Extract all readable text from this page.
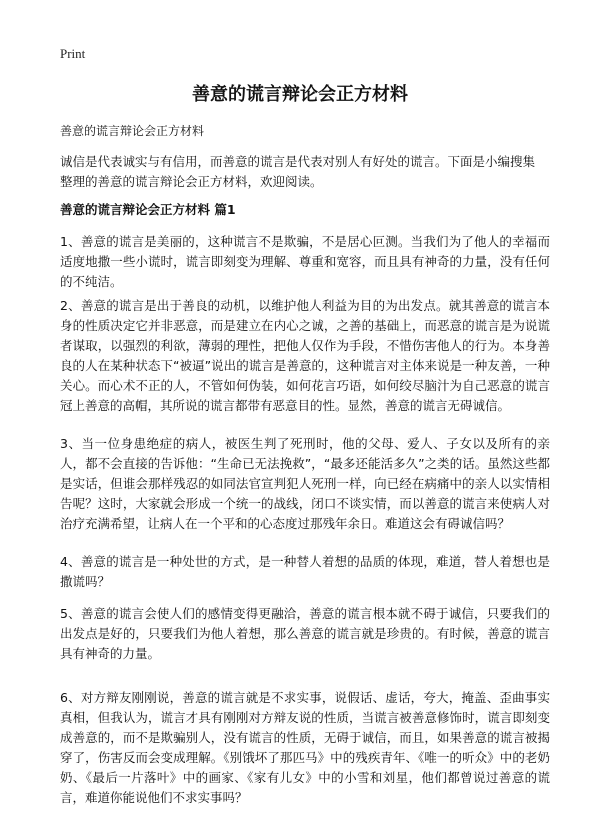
Print
善意的谎言辩论会正方材料

善意的谎言辩论会正方材料

诚信是代表诚实与有信用，而善意的谎言是代表对别人有好处的谎言。下面是小编搜集整理的善意的谎言辩论会正方材料，欢迎阅读。

善意的谎言辩论会正方材料 篇1

1、善意的谎言是美丽的，这种谎言不是欺骗，不是居心叵测。当我们为了他人的幸福而适度地撒一些小谎时，谎言即刻变为理解、尊重和宽容，而且具有神奇的力量，没有任何的不纯洁。

2、善意的谎言是出于善良的动机，以维护他人利益为目的为出发点。就其善意的谎言本身的性质决定它并非恶意，而是建立在内心之诚，之善的基础上，而恶意的谎言是为说谎者谋取，以强烈的利欲，薄弱的理性，把他人仅作为手段，不惜伤害他人的行为。本身善良的人在某种状态下“被逼”说出的谎言是善意的，这种谎言对主体来说是一种友善，一种关心。而心术不正的人，不管如何伪装，如何花言巧语，如何绞尽脑汁为自己恶意的谎言冠上善意的高帽，其所说的谎言都带有恶意目的性。显然，善意的谎言无碍诚信。

3、当一位身患绝症的病人，被医生判了死刑时，他的父母、爱人、子女以及所有的亲人，都不会直接的告诉他：“生命已无法挽救”，“最多还能活多久”之类的话。虽然这些都是实话，但谁会那样残忍的如同法官宣判犯人死刑一样，向已经在病痛中的亲人以实情相告呢？这时，大家就会形成一个统一的战线，闭口不谈实情，而以善意的谎言来使病人对治疗充满希望，让病人在一个平和的心态度过那残年余日。难道这会有碍诚信吗？

4、善意的谎言是一种处世的方式，是一种替人着想的品质的体现，难道，替人着想也是撒谎吗？

5、善意的谎言会使人们的感情变得更融洽，善意的谎言根本就不碍于诚信，只要我们的出发点是好的，只要我们为他人着想，那么善意的谎言就是珍贵的。有时候，善意的谎言具有神奇的力量。

6、对方辩友刚刚说，善意的谎言就是不求实事，说假话、虚话，夸大，掩盖、歪曲事实真相，但我认为，谎言才具有刚刚对方辩友说的性质，当谎言被善意修饰时，谎言即刻变成善意的，而不是欺骗别人，没有谎言的性质，无碍于诚信，而且，如果善意的谎言被揭穿了，伤害反而会变成理解。《别饿坏了那匹马》中的残疾青年、《唯一的听众》中的老奶奶、《最后一片落叶》中的画家、《家有儿女》中的小雪和刘星，他们都曾说过善意的谎言，难道你能说他们不求实事吗？
